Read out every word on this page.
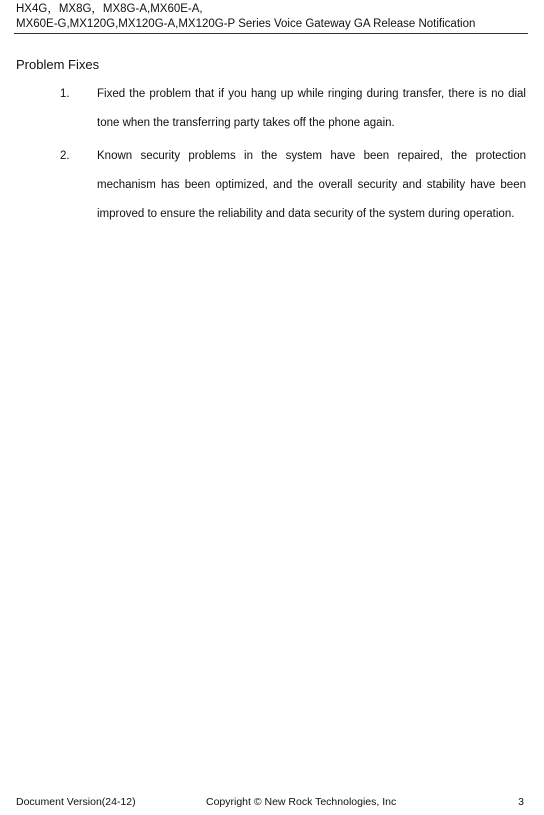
HX4G，MX8G，MX8G-A,MX60E-A,
MX60E-G,MX120G,MX120G-A,MX120G-P Series Voice Gateway GA Release Notification
Problem Fixes
1.	Fixed the problem that if you hang up while ringing during transfer, there is no dial tone when the transferring party takes off the phone again.
2.	Known security problems in the system have been repaired, the protection mechanism has been optimized, and the overall security and stability have been improved to ensure the reliability and data security of the system during operation.
Document Version(24-12)	Copyright © New Rock Technologies, Inc	3
